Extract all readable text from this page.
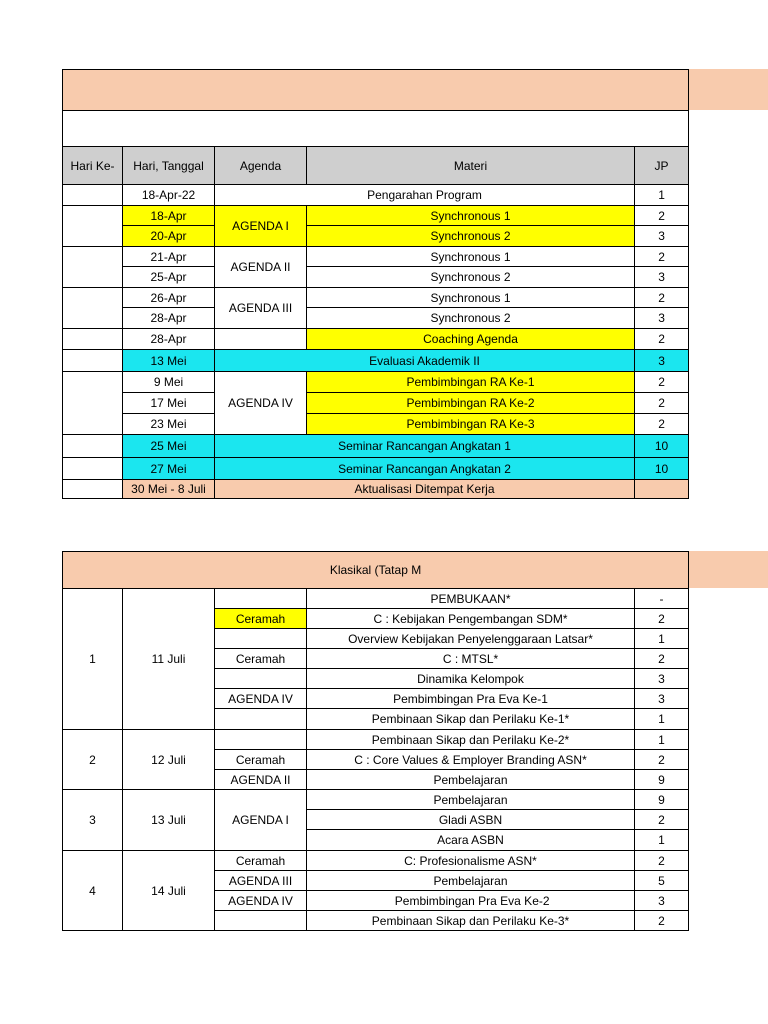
Hari Ke-	Hari, Tanggal	Agenda	Materi	JP
	18-Apr-22	Pengarahan Program		1
	18-Apr	AGENDA I	Synchronous 1	2
	20-Apr		Synchronous 2	3
	21-Apr	AGENDA II	Synchronous 1	2
	25-Apr		Synchronous 2	3
	26-Apr	AGENDA III	Synchronous 1	2
	28-Apr		Synchronous 2	3
	28-Apr		Coaching Agenda	2
	13 Mei	Evaluasi Akademik II		3
	9 Mei	AGENDA IV	Pembimbingan RA Ke-1	2
	17 Mei		Pembimbingan RA Ke-2	2
	23 Mei		Pembimbingan RA Ke-3	2
	25 Mei	Seminar Rancangan Angkatan 1		10
	27 Mei	Seminar Rancangan Angkatan 2		10
	30 Mei - 8 Juli	Aktualisasi Ditempat Kerja		
Klasikal (Tatap M				
1	11 Juli		PEMBUKAAN*	-
		Ceramah	C : Kebijakan Pengembangan SDM*	2
			Overview Kebijakan Penyelenggaraan Latsar*	1
		Ceramah	C : MTSL*	2
			Dinamika Kelompok	3
		AGENDA IV	Pembimbingan Pra Eva Ke-1	3
			Pembinaan Sikap dan Perilaku Ke-1*	1
2	12 Juli		Pembinaan Sikap dan Perilaku Ke-2*	1
		Ceramah	C : Core Values & Employer Branding ASN*	2
		AGENDA II	Pembelajaran	9
3	13 Juli	AGENDA I	Pembelajaran	9
			Gladi ASBN	2
			Acara ASBN	1
4	14 Juli	Ceramah	C: Profesionalisme ASN*	2
		AGENDA III	Pembelajaran	5
		AGENDA IV	Pembimbingan Pra Eva Ke-2	3
			Pembinaan Sikap dan Perilaku Ke-3*	2
